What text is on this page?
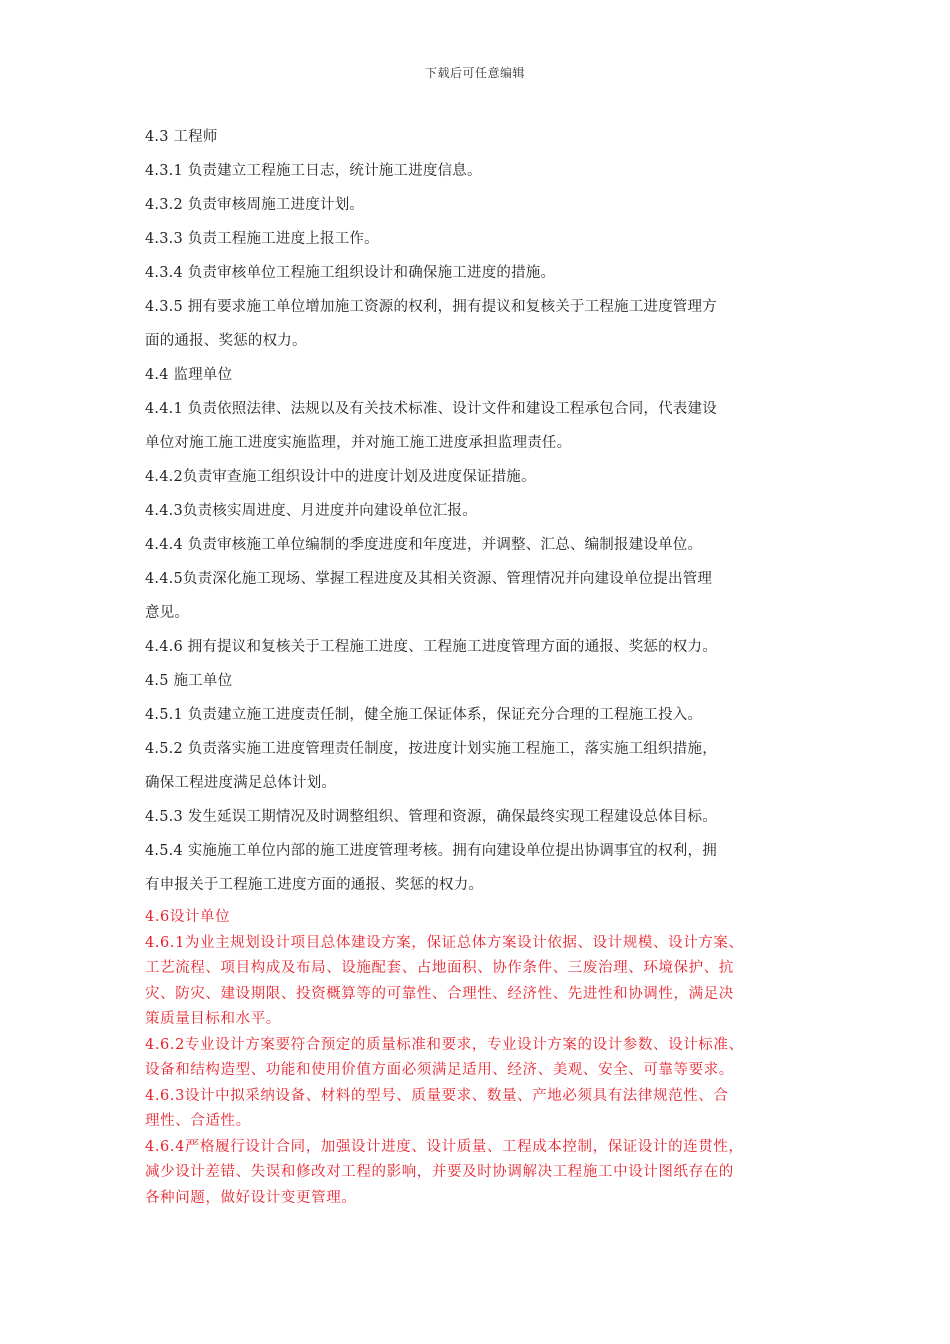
下载后可任意编辑
4.3 工程师
4.3.1 负责建立工程施工日志，统计施工进度信息。
4.3.2 负责审核周施工进度计划。
4.3.3 负责工程施工进度上报工作。
4.3.4 负责审核单位工程施工组织设计和确保施工进度的措施。
4.3.5 拥有要求施工单位增加施工资源的权利，拥有提议和复核关于工程施工进度管理方
面的通报、奖惩的权力。
4.4 监理单位
4.4.1 负责依照法律、法规以及有关技术标准、设计文件和建设工程承包合同，代表建设
单位对施工施工进度实施监理，并对施工施工进度承担监理责任。
4.4.2负责审查施工组织设计中的进度计划及进度保证措施。
4.4.3负责核实周进度、月进度并向建设单位汇报。
4.4.4 负责审核施工单位编制的季度进度和年度进，并调整、汇总、编制报建设单位。
4.4.5负责深化施工现场、掌握工程进度及其相关资源、管理情况并向建设单位提出管理
意见。
4.4.6 拥有提议和复核关于工程施工进度、工程施工进度管理方面的通报、奖惩的权力。
4.5 施工单位
4.5.1 负责建立施工进度责任制，健全施工保证体系，保证充分合理的工程施工投入。
4.5.2 负责落实施工进度管理责任制度，按进度计划实施工程施工，落实施工组织措施，
确保工程进度满足总体计划。
4.5.3 发生延误工期情况及时调整组织、管理和资源，确保最终实现工程建设总体目标。
4.5.4 实施施工单位内部的施工进度管理考核。拥有向建设单位提出协调事宜的权利，拥
有申报关于工程施工进度方面的通报、奖惩的权力。
4.6设计单位
4.6.1为业主规划设计项目总体建设方案，保证总体方案设计依据、设计规模、设计方案、
工艺流程、项目构成及布局、设施配套、占地面积、协作条件、三废治理、环境保护、抗
灾、防灾、建设期限、投资概算等的可靠性、合理性、经济性、先进性和协调性，满足决
策质量目标和水平。
4.6.2专业设计方案要符合预定的质量标准和要求，专业设计方案的设计参数、设计标准、
设备和结构造型、功能和使用价值方面必须满足适用、经济、美观、安全、可靠等要求。
4.6.3设计中拟采纳设备、材料的型号、质量要求、数量、产地必须具有法律规范性、合
理性、合适性。
4.6.4严格履行设计合同，加强设计进度、设计质量、工程成本控制，保证设计的连贯性，
减少设计差错、失误和修改对工程的影响，并要及时协调解决工程施工中设计图纸存在的
各种问题，做好设计变更管理。
